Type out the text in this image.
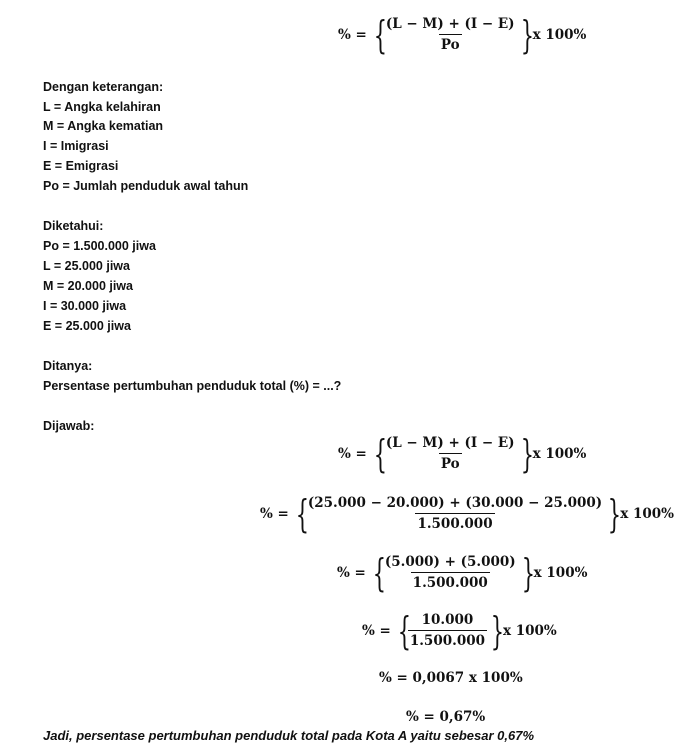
% = {
$\frac{(L - M) + (I - E)}{Po}$ }
x 100%
Dengan keterangan:
L = Angka kelahiran
M = Angka kematian
I = Imigrasi
E = Emigrasi
Po = Jumlah penduduk awal tahun
Diketahui:
Po = 1.500.000 jiwa
L = 25.000 jiwa
M = 20.000 jiwa
I = 30.000 jiwa
E = 25.000 jiwa
Ditanya:
Persentase pertumbuhan penduduk total (%) = ...?
Dijawab:
% = {
$\frac{(L - M) + (I - E)}{Po}$ }
x 100%
% = {
$\frac{(25.000 - 20.000) + (30.000 - 25.000)}{1.500.000}$ }
x 100%
% = {
$\frac{(5.000) + (5.000)}{1.500.000}$ }
x 100%
% = {
$\frac{10.000}{1.500.000}$ }
x 100%
% = 0,0067 x 100%
% = 0,67%
Jadi, persentase pertumbuhan penduduk total pada Kota A yaitu sebesar 0,67%
